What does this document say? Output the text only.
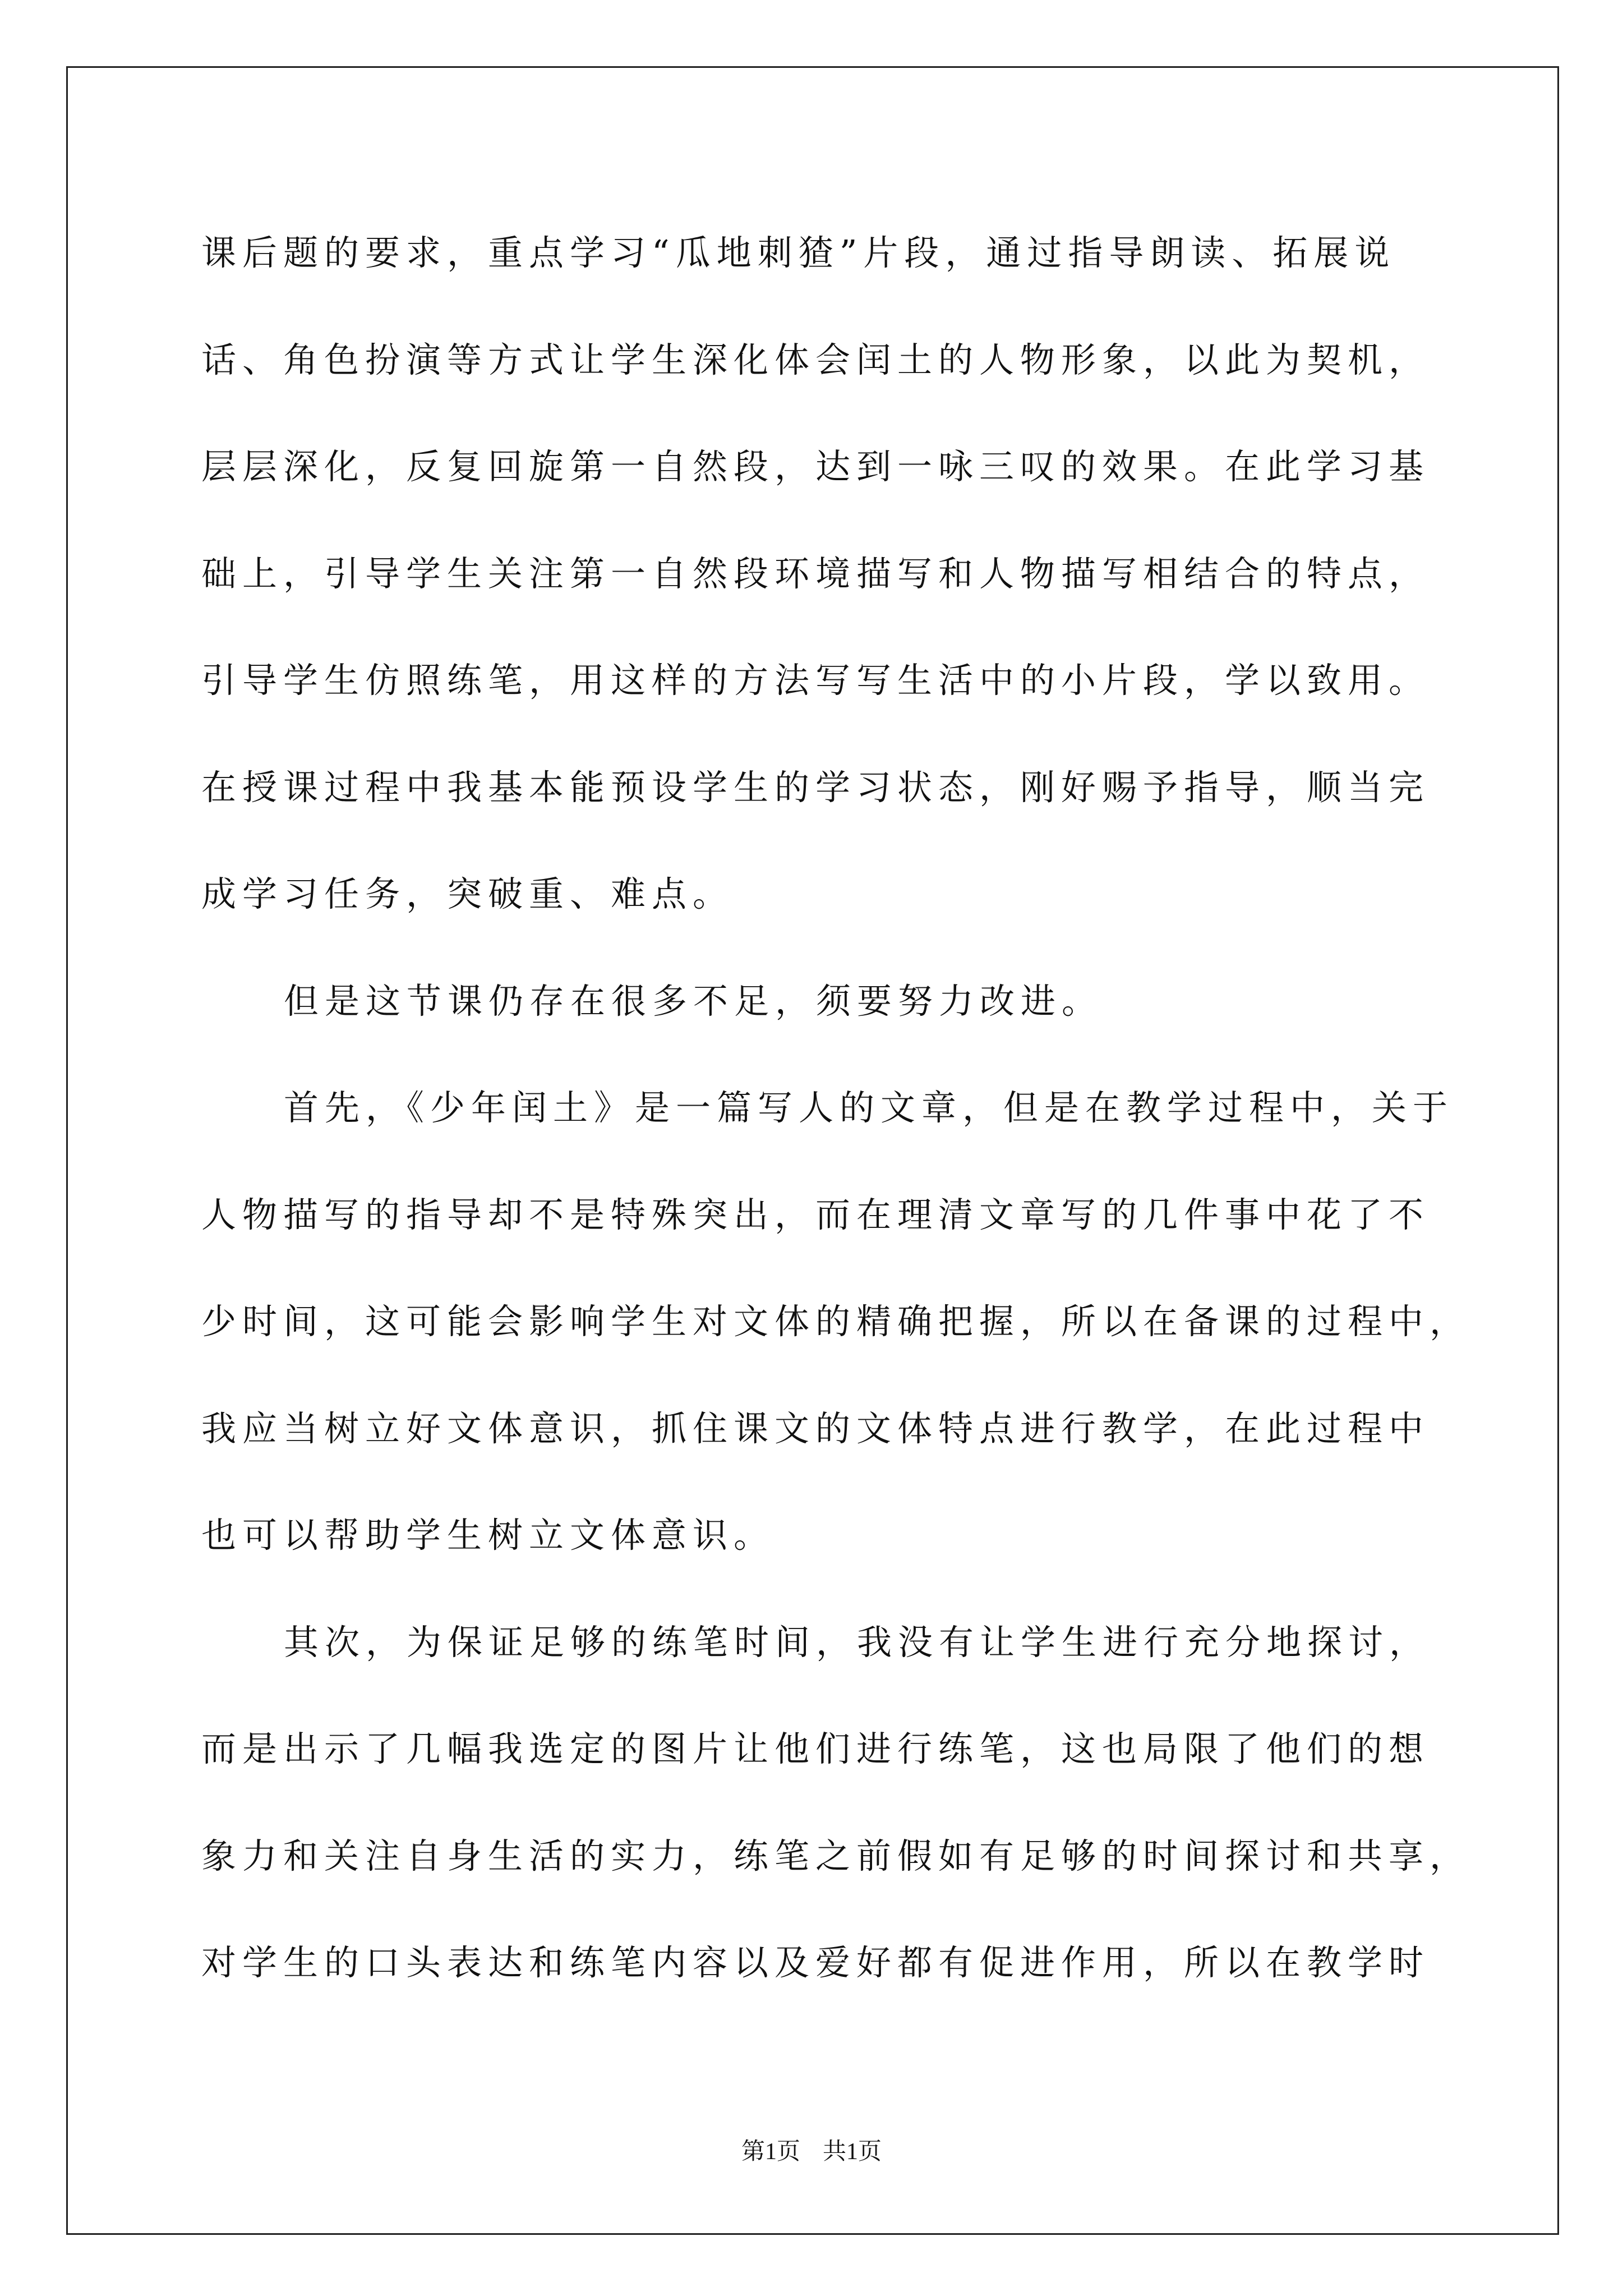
课后题的要求，重点学习“瓜地刺猹”片段，通过指导朗读、拓展说
话、角色扮演等方式让学生深化体会闰土的人物形象，以此为契机，
层层深化，反复回旋第一自然段，达到一咏三叹的效果。在此学习基
础上，引导学生关注第一自然段环境描写和人物描写相结合的特点，
引导学生仿照练笔，用这样的方法写写生活中的小片段，学以致用。
在授课过程中我基本能预设学生的学习状态，刚好赐予指导，顺当完
成学习任务，突破重、难点。
但是这节课仍存在很多不足，须要努力改进。
首先，《少年闰土》是一篇写人的文章，但是在教学过程中，关于
人物描写的指导却不是特殊突出，而在理清文章写的几件事中花了不
少时间，这可能会影响学生对文体的精确把握，所以在备课的过程中，
我应当树立好文体意识，抓住课文的文体特点进行教学，在此过程中
也可以帮助学生树立文体意识。
其次，为保证足够的练笔时间，我没有让学生进行充分地探讨，
而是出示了几幅我选定的图片让他们进行练笔，这也局限了他们的想
象力和关注自身生活的实力，练笔之前假如有足够的时间探讨和共享，
对学生的口头表达和练笔内容以及爱好都有促进作用，所以在教学时
第1页 共1页
